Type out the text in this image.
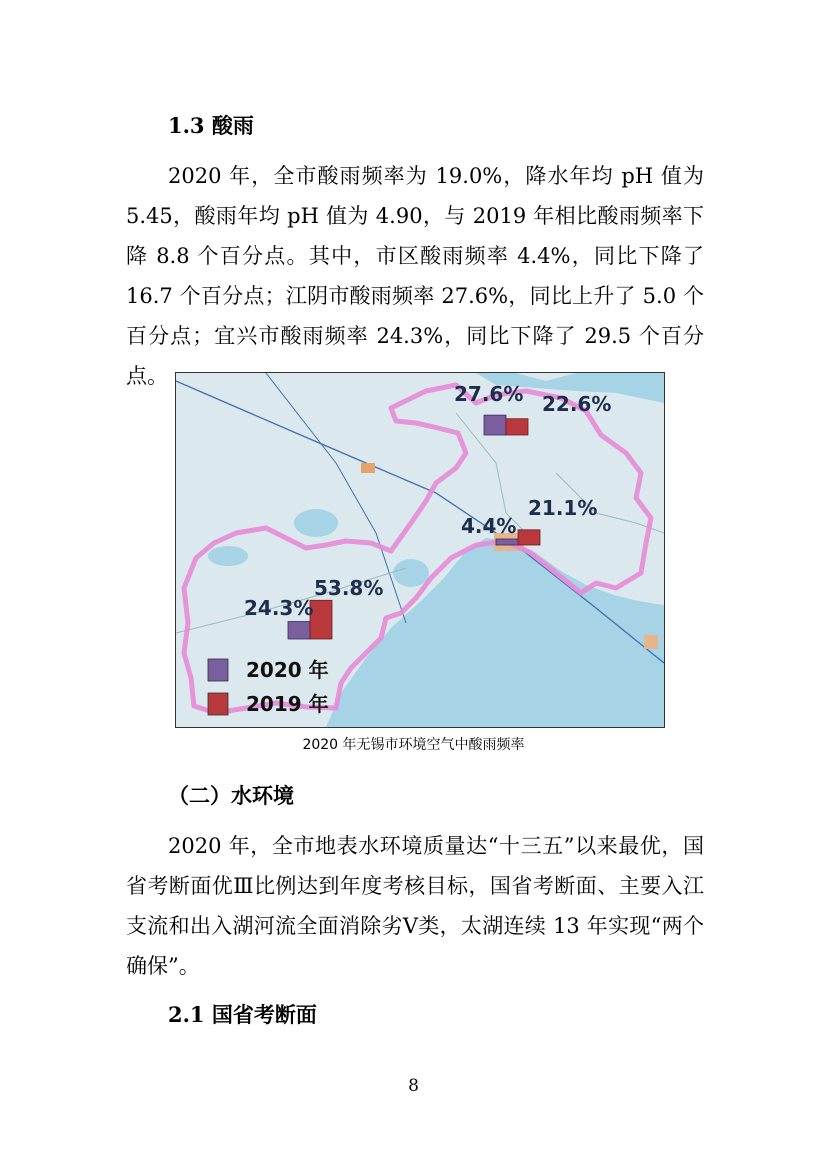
1.3 酸雨

2020 年，全市酸雨频率为 19.0%，降水年均 pH 值为 5.45，酸雨年均 pH 值为 4.90，与 2019 年相比酸雨频率下降 8.8 个百分点。其中，市区酸雨频率 4.4%，同比下降了 16.7 个百分点；江阴市酸雨频率 27.6%，同比上升了 5.0 个百分点；宜兴市酸雨频率 24.3%，同比下降了 29.5 个百分点。

27.6% 22.6%
4.4%
21.1%
24.3%
53.8%
2020 年
2019 年
2020 年无锡市环境空气中酸雨频率
（二）水环境

2020 年，全市地表水环境质量达“十三五”以来最优，国省考断面优Ⅲ比例达到年度考核目标，国省考断面、主要入江支流和出入湖河流全面消除劣Ⅴ类，太湖连续 13 年实现“两个确保”。

2.1 国省考断面
8
